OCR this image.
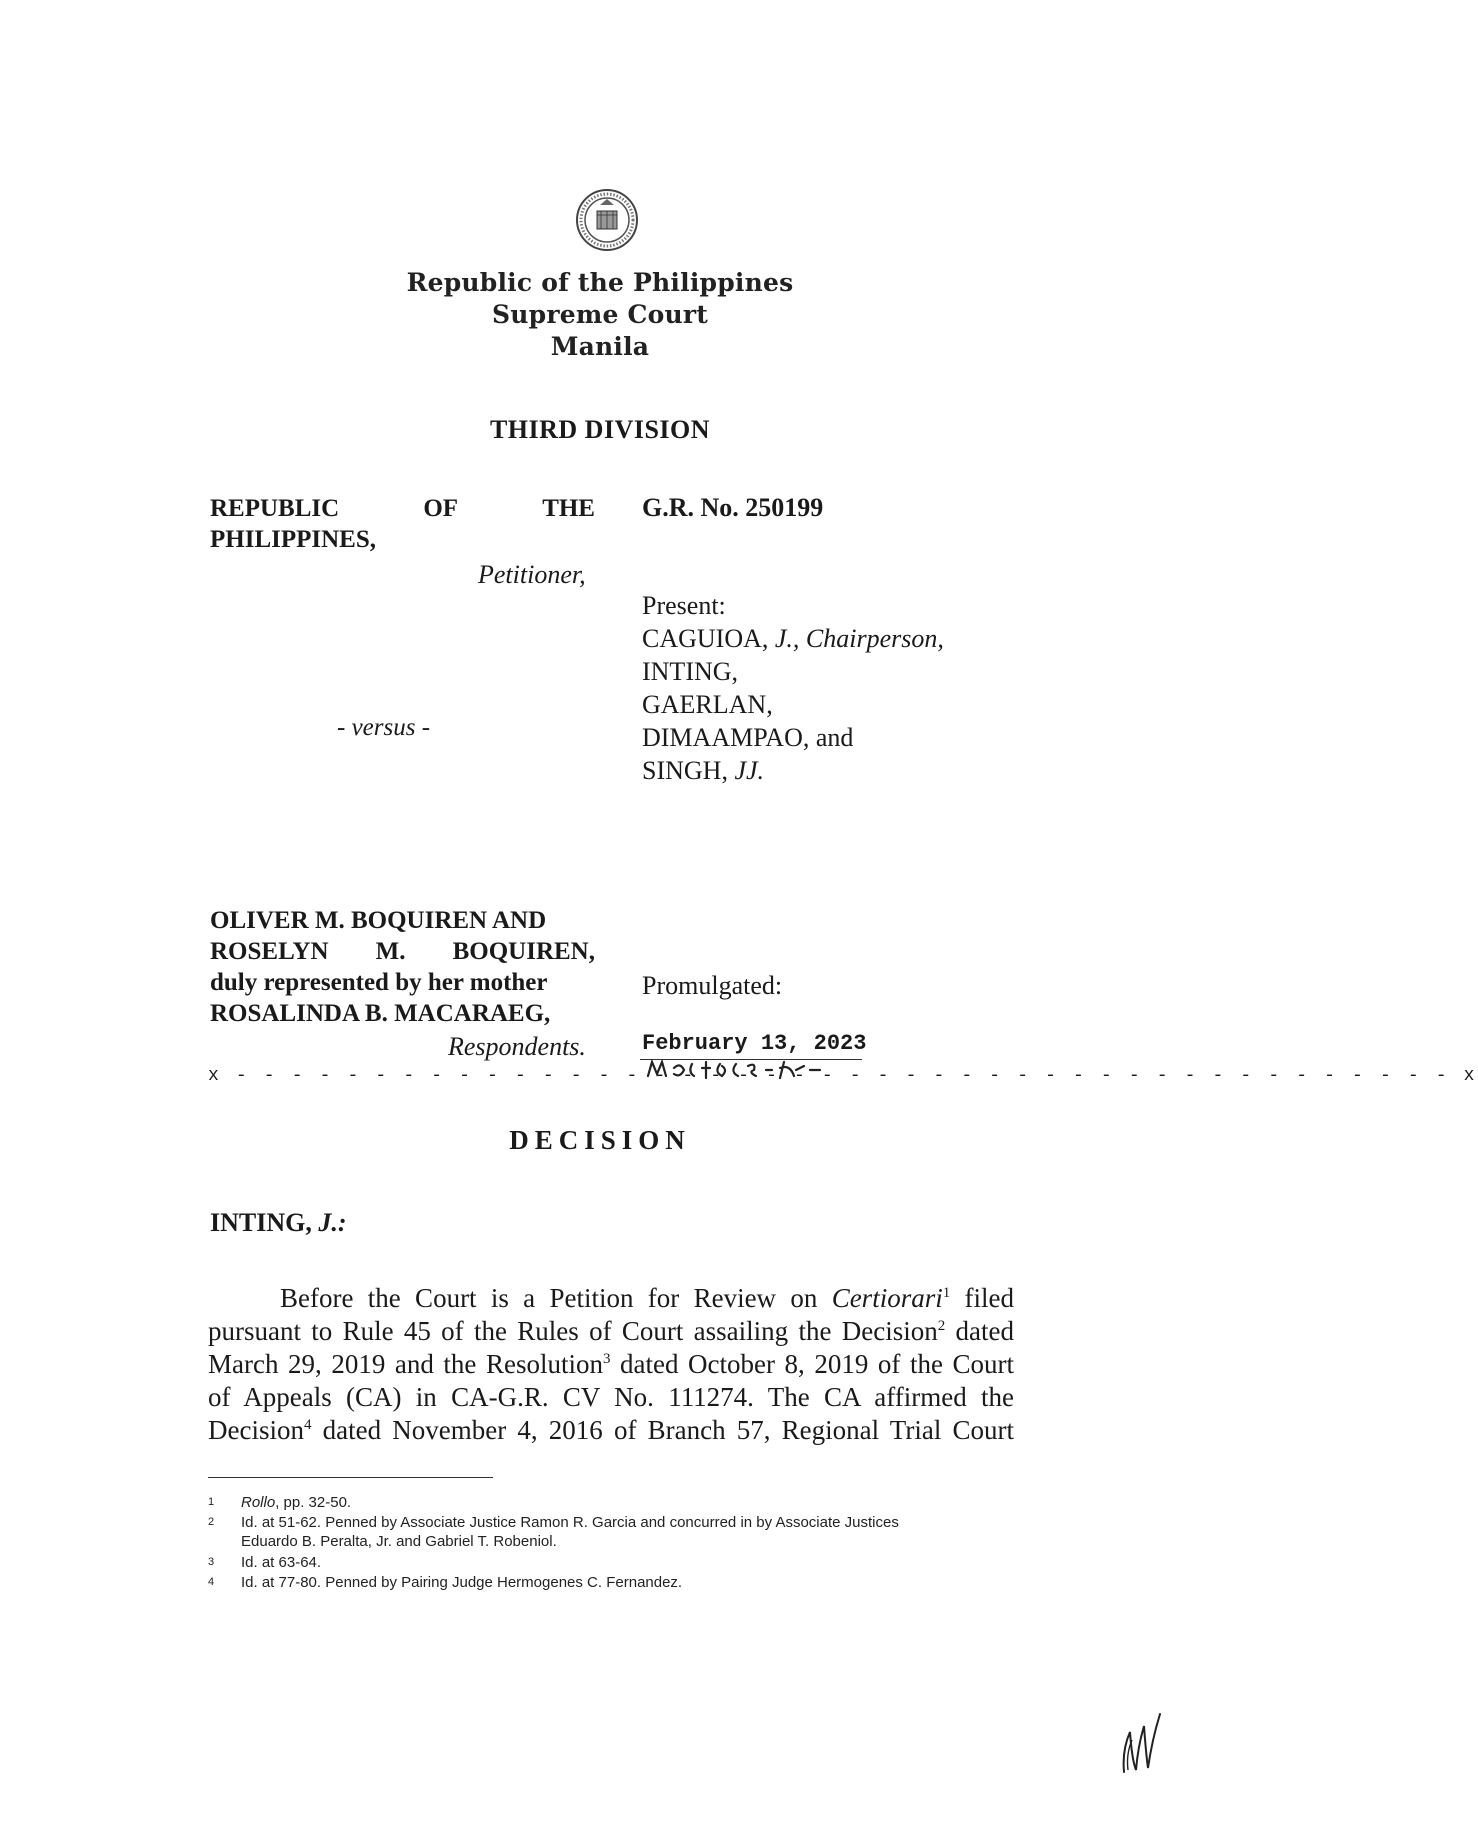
Republic of the Philippines
Supreme Court
Manila
THIRD DIVISION
REPUBLIC	OF	THE
PHILIPPINES,
Petitioner,
- versus -
OLIVER M. BOQUIREN AND
ROSELYN M. BOQUIREN,
duly represented by her mother
ROSALINDA B. MACARAEG,
Respondents.
G.R. No. 250199
Present:
CAGUIOA, J., Chairperson,
INTING,
GAERLAN,
DIMAAMPAO, and
SINGH, JJ.
Promulgated:
February 13, 2023
x - - - - - - - - - - - - - - - - - - - - - - - - - - - - - - - - - - - - - - - - - - - - x
DECISION
INTING, J.:
Before the Court is a Petition for Review on Certiorari$^1$ filed
pursuant to Rule 45 of the Rules of Court assailing the Decision$^2$ dated
March 29, 2019 and the Resolution$^3$ dated October 8, 2019 of the Court
of Appeals (CA) in CA-G.R. CV No. 111274. The CA affirmed the
Decision$^4$ dated November 4, 2016 of Branch 57, Regional Trial Court
1	Rollo, pp. 32-50.
2	Id. at 51-62. Penned by Associate Justice Ramon R. Garcia and concurred in by Associate Justices
Eduardo B. Peralta, Jr. and Gabriel T. Robeniol.
3	Id. at 63-64.
4	Id. at 77-80. Penned by Pairing Judge Hermogenes C. Fernandez.
